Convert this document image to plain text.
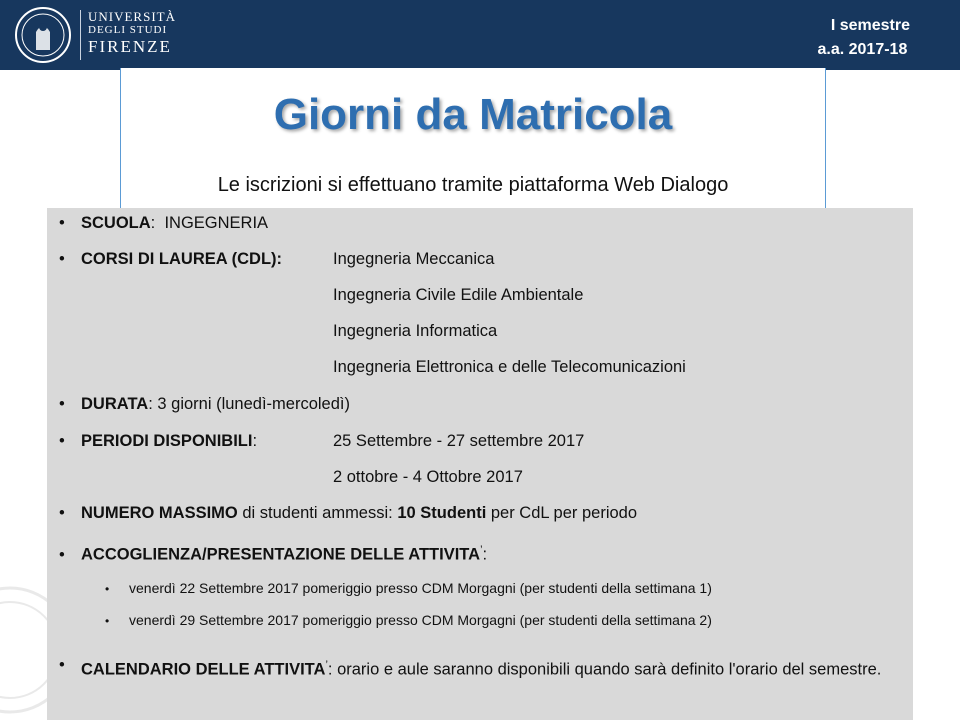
UNIVERSITÀ
DEGLI STUDI
FIRENZE
I semestre
a.a. 2017-18
Giorni da Matricola
Le iscrizioni si effettuano tramite piattaforma Web Dialogo
• SCUOLA:  INGEGNERIA
• CORSI DI LAUREA (CDL):	Ingegneria Meccanica
Ingegneria Civile Edile Ambientale
Ingegneria Informatica
Ingegneria Elettronica e delle Telecomunicazioni
• DURATA: 3 giorni (lunedì-mercoledì)
• PERIODI DISPONIBILI:	25 Settembre - 27 settembre 2017
2 ottobre - 4 Ottobre 2017
• NUMERO MASSIMO di studenti ammessi: 10 Studenti per CdL per periodo
• ACCOGLIENZA/PRESENTAZIONE DELLE ATTIVITA’:
• venerdì 22 Settembre 2017 pomeriggio presso CDM Morgagni (per studenti della settimana 1)
• venerdì 29 Settembre 2017 pomeriggio presso CDM Morgagni (per studenti della settimana 2)
• CALENDARIO DELLE ATTIVITA’: orario e aule saranno disponibili quando sarà definito l'orario del semestre.
